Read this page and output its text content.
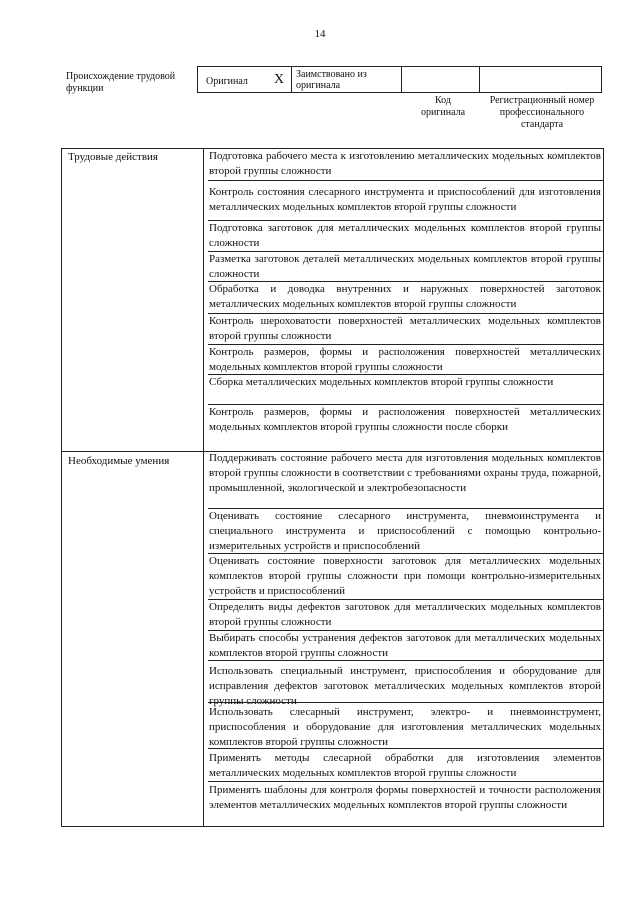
14
Происхождение трудовой функции
Оригинал X	Заимствовано из оригинала
Код оригинала
Регистрационный номер профессионального стандарта
Трудовые действия
Необходимые умения
Подготовка рабочего места к изготовлению металлических модельных комплектов второй группы сложности
Контроль состояния слесарного инструмента и приспособлений для изготовления металлических модельных комплектов второй группы сложности
Подготовка заготовок для металлических модельных комплектов второй группы сложности
Разметка заготовок деталей металлических модельных комплектов второй группы сложности
Обработка и доводка внутренних и наружных поверхностей заготовок металлических модельных комплектов второй группы сложности
Контроль шероховатости поверхностей металлических модельных комплектов второй группы сложности
Контроль размеров, формы и расположения поверхностей металлических модельных комплектов второй группы сложности
Сборка металлических модельных комплектов второй группы сложности
Контроль размеров, формы и расположения поверхностей металлических модельных комплектов второй группы сложности после сборки
Поддерживать состояние рабочего места для изготовления модельных комплектов второй группы сложности в соответствии с требованиями охраны труда, пожарной, промышленной, экологической и электробезопасности
Оценивать состояние слесарного инструмента, пневмоинструмента и специального инструмента и приспособлений с помощью контрольно-измерительных устройств и приспособлений
Оценивать состояние поверхности заготовок для металлических модельных комплектов второй группы сложности при помощи контрольно-измерительных устройств и приспособлений
Определять виды дефектов заготовок для металлических модельных комплектов второй группы сложности
Выбирать способы устранения дефектов заготовок для металлических модельных комплектов второй группы сложности
Использовать специальный инструмент, приспособления и оборудование для исправления дефектов заготовок металлических модельных комплектов второй группы сложности
Использовать слесарный инструмент, электро- и пневмоинструмент, приспособления и оборудование для изготовления металлических модельных комплектов второй группы сложности
Применять методы слесарной обработки для изготовления элементов металлических модельных комплектов второй группы сложности
Применять шаблоны для контроля формы поверхностей и точности расположения элементов металлических модельных комплектов второй группы сложности
